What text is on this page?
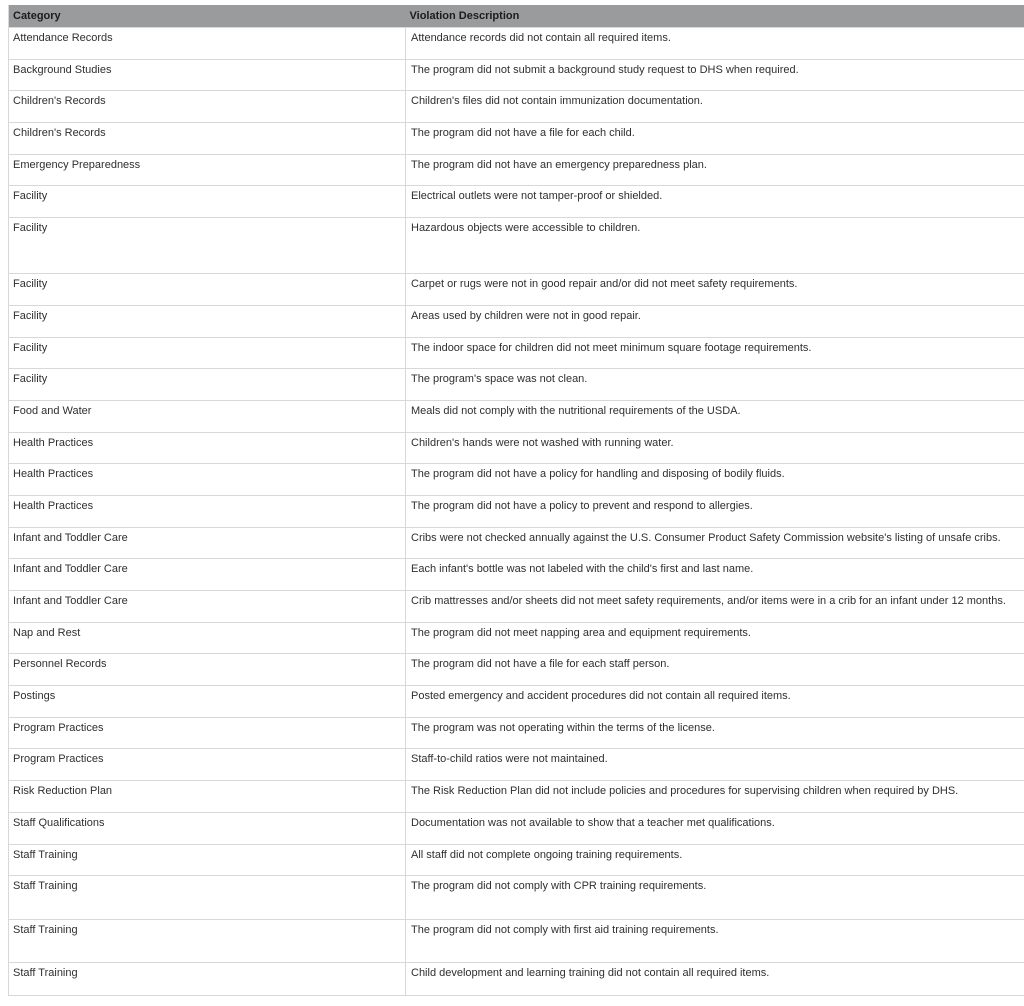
Category	Violation Description
Attendance Records	Attendance records did not contain all required items.
Background Studies	The program did not submit a background study request to DHS when required.
Children's Records	Children's files did not contain immunization documentation.
Children's Records	The program did not have a file for each child.
Emergency Preparedness	The program did not have an emergency preparedness plan.
Facility	Electrical outlets were not tamper-proof or shielded.
Facility	Hazardous objects were accessible to children.
Facility	Carpet or rugs were not in good repair and/or did not meet safety requirements.
Facility	Areas used by children were not in good repair.
Facility	The indoor space for children did not meet minimum square footage requirements.
Facility	The program's space was not clean.
Food and Water	Meals did not comply with the nutritional requirements of the USDA.
Health Practices	Children's hands were not washed with running water.
Health Practices	The program did not have a policy for handling and disposing of bodily fluids.
Health Practices	The program did not have a policy to prevent and respond to allergies.
Infant and Toddler Care	Cribs were not checked annually against the U.S. Consumer Product Safety Commission website's listing of unsafe cribs.
Infant and Toddler Care	Each infant's bottle was not labeled with the child's first and last name.
Infant and Toddler Care	Crib mattresses and/or sheets did not meet safety requirements, and/or items were in a crib for an infant under 12 months.
Nap and Rest	The program did not meet napping area and equipment requirements.
Personnel Records	The program did not have a file for each staff person.
Postings	Posted emergency and accident procedures did not contain all required items.
Program Practices	The program was not operating within the terms of the license.
Program Practices	Staff-to-child ratios were not maintained.
Risk Reduction Plan	The Risk Reduction Plan did not include policies and procedures for supervising children when required by DHS.
Staff Qualifications	Documentation was not available to show that a teacher met qualifications.
Staff Training	All staff did not complete ongoing training requirements.
Staff Training	The program did not comply with CPR training requirements.
Staff Training	The program did not comply with first aid training requirements.
Staff Training	Child development and learning training did not contain all required items.
